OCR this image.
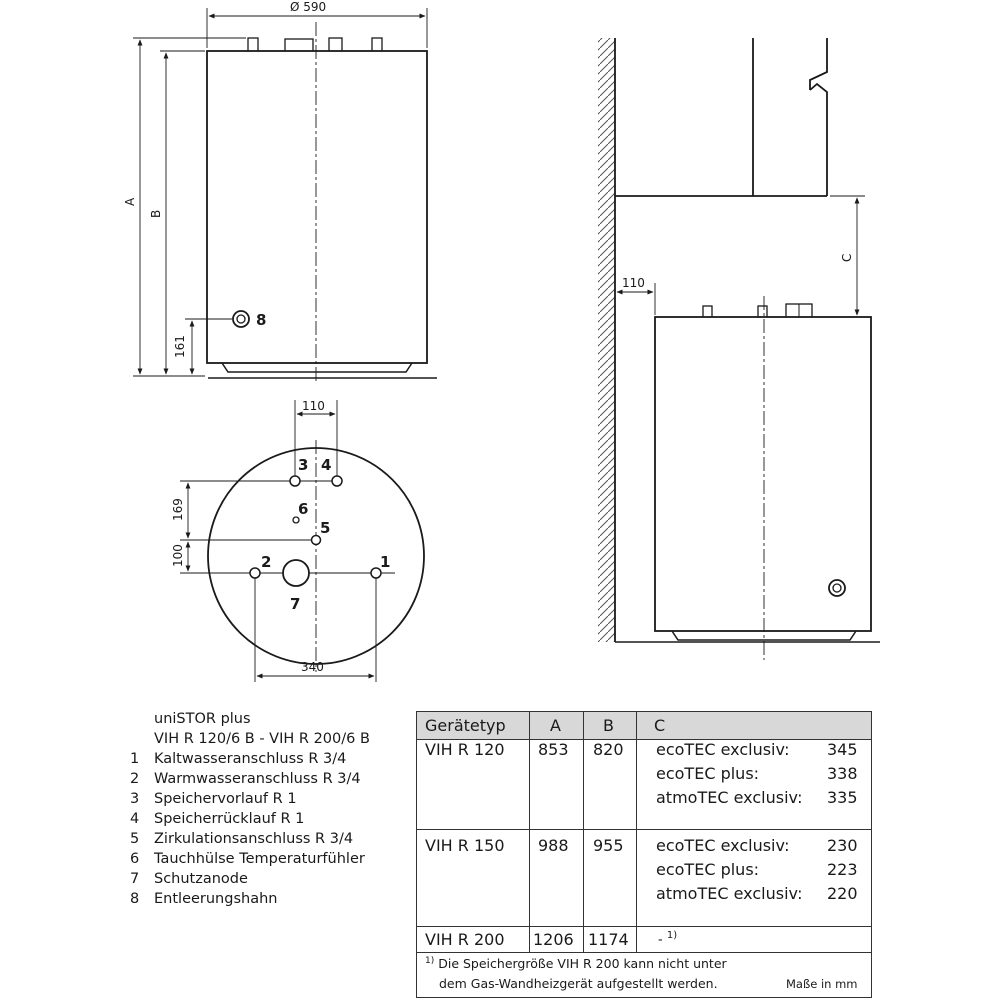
Ø 590
A
B
161
8
110
169
100
340
3 4
6
5
2	1
7
110
C
uniSTOR plus
VIH R 120/6 B - VIH R 200/6 B
1	Kaltwasseranschluss R 3/4
2	Warmwasseranschluss R 3/4
3	Speichervorlauf R 1
4	Speicherrücklauf R 1
5	Zirkulationsanschluss R 3/4
6	Tauchhülse Temperaturfühler
7	Schutzanode
8	Entleerungshahn
Gerätetyp	A	B	C
VIH R 120 853 820 ecoTEC exclusiv: 345
ecoTEC plus:	338
atmoTEC exclusiv: 335
VIH R 150 988 955 ecoTEC exclusiv: 230
ecoTEC plus:	223
atmoTEC exclusiv: 220
VIH R 200 1206 1174 - $^{1)}$
$^{1)}$ Die Speichergröße VIH R 200 kann nicht unter
dem Gas-Wandheizgerät aufgestellt werden.	Maße in mm
